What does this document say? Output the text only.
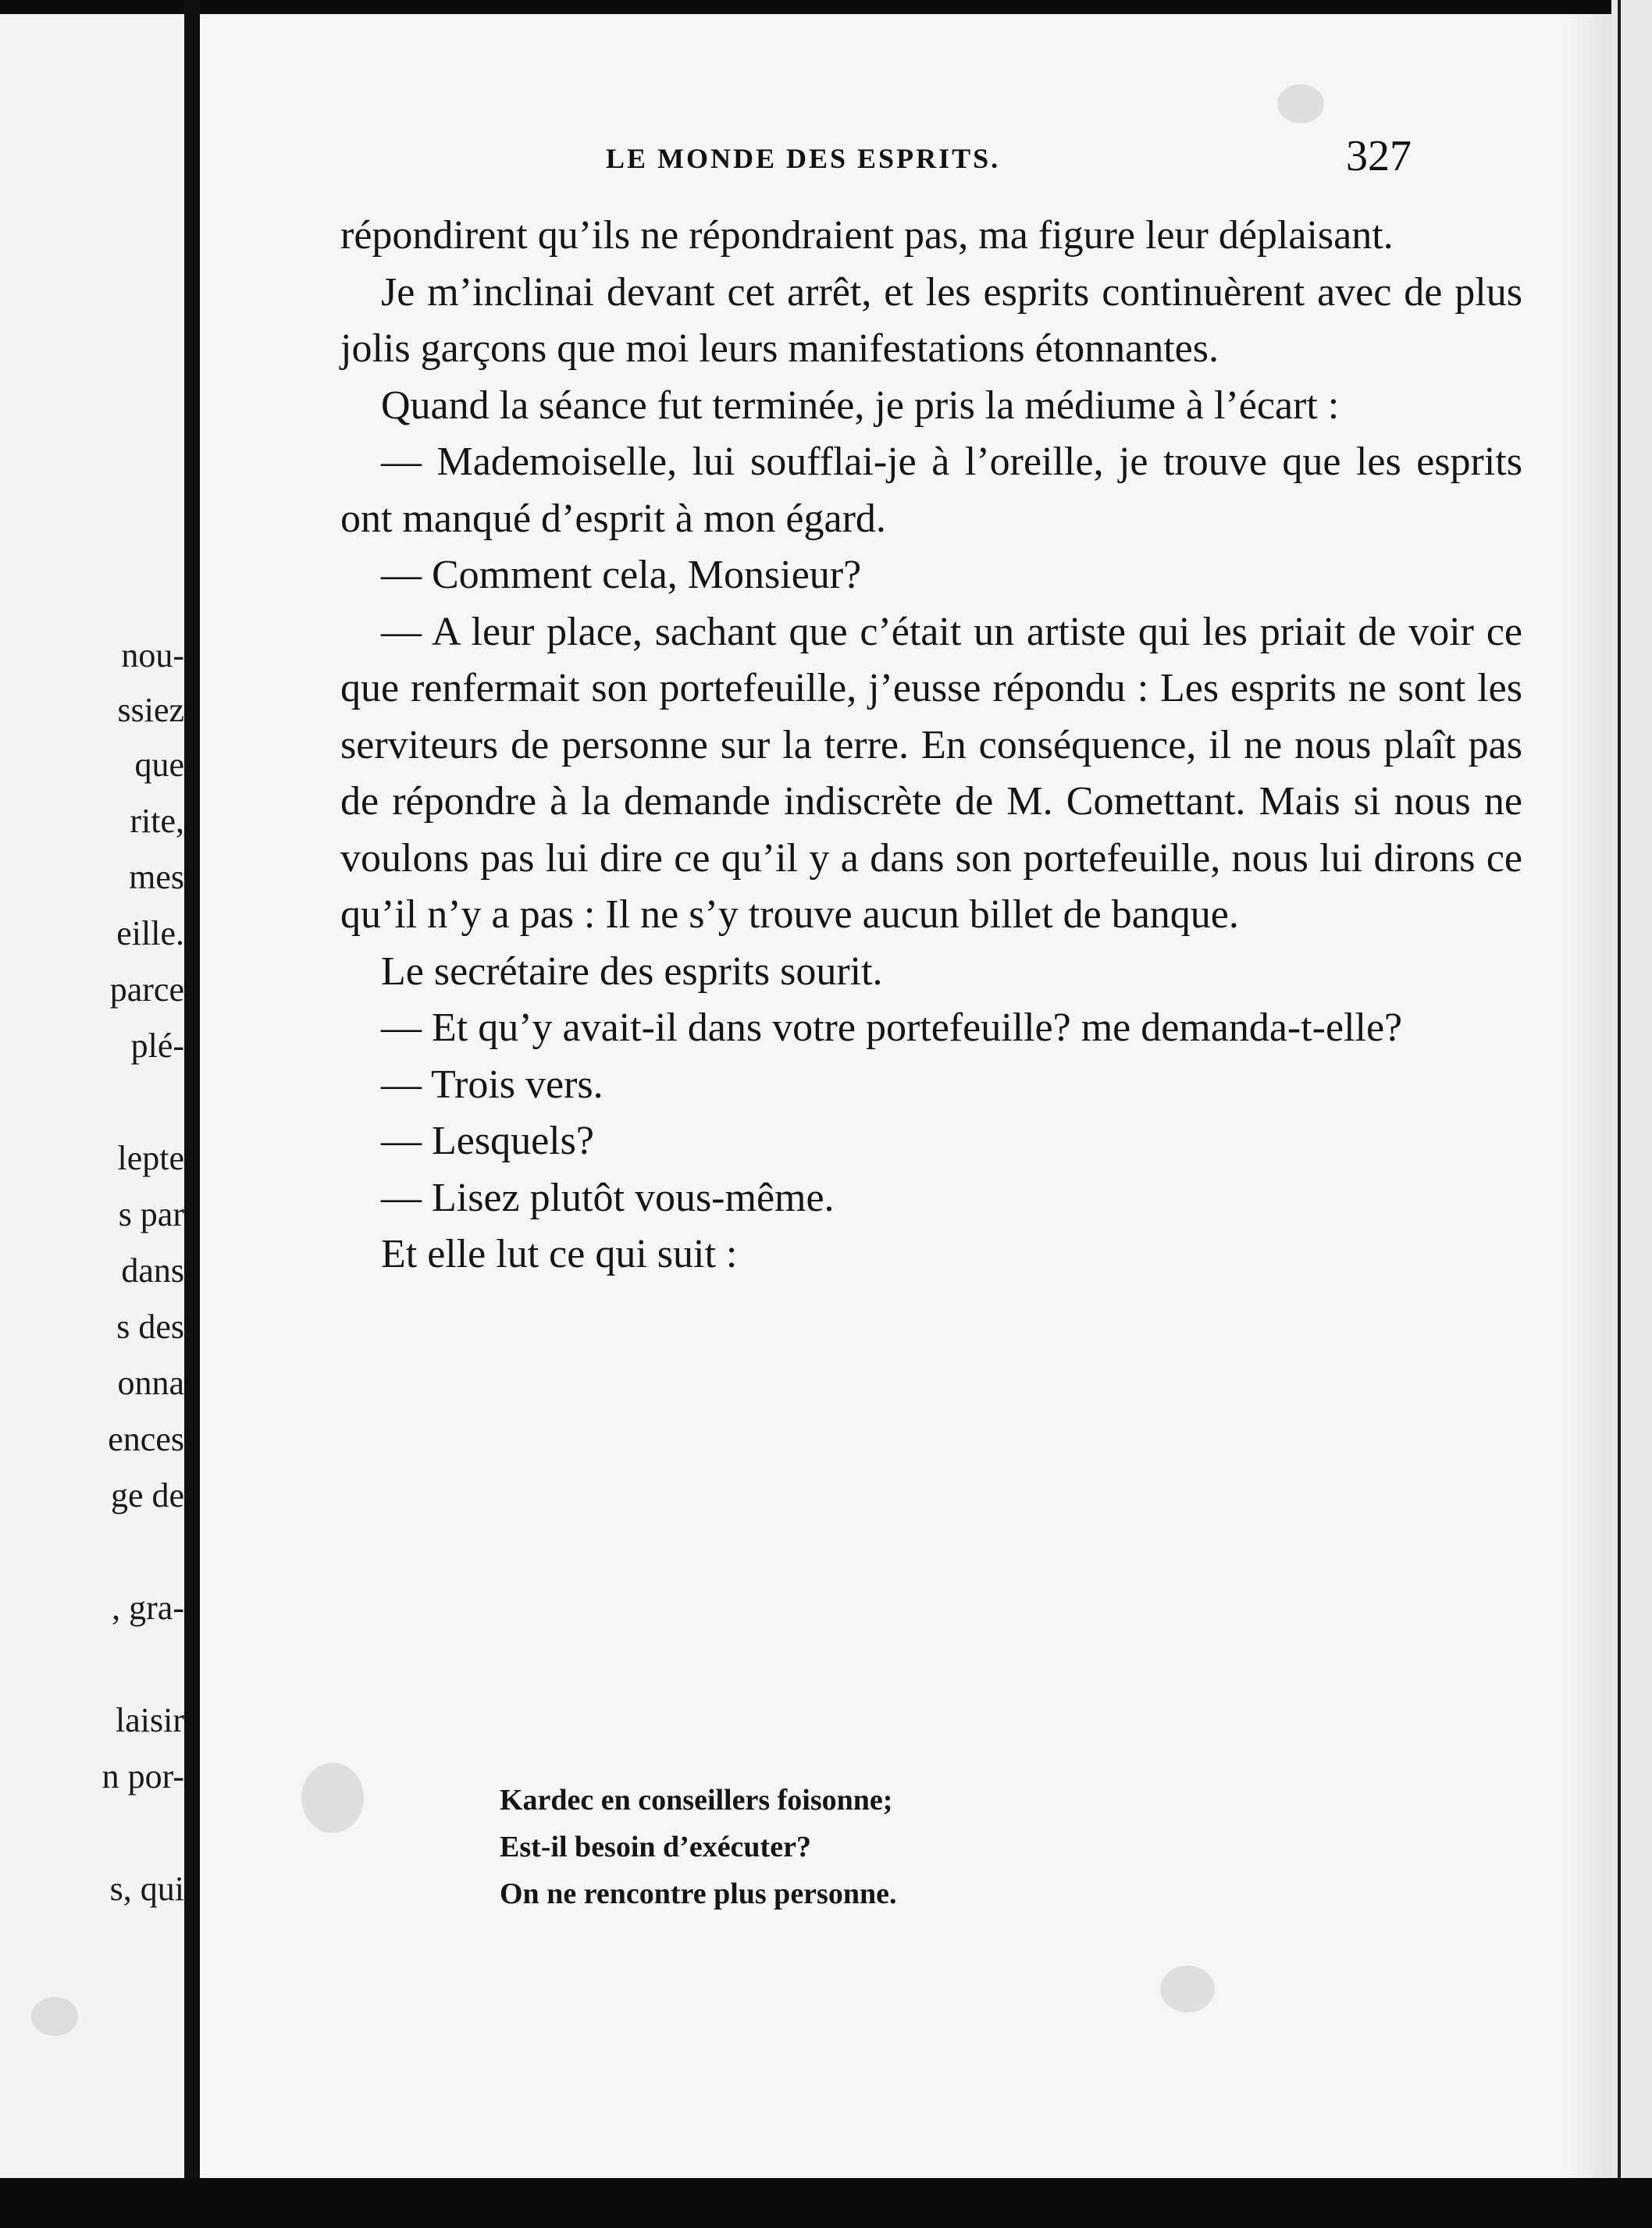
nou-
ssiez
que
rite,
mes
eille.
parce
plé-
lepte
s par
dans
s des
onna
ences
ge de
, gra-
laisir
n por-
s, qui
LE MONDE DES ESPRITS.	327

répondirent qu’ils ne répondraient pas, ma figure leur déplaisant.

Je m’inclinai devant cet arrêt, et les esprits continuèrent avec de plus jolis garçons que moi leurs manifestations étonnantes.

Quand la séance fut terminée, je pris la médiume à l’écart :

— Mademoiselle, lui soufflai-je à l’oreille, je trouve que les esprits ont manqué d’esprit à mon égard.

— Comment cela, Monsieur?

— A leur place, sachant que c’était un artiste qui les priait de voir ce que renfermait son portefeuille, j’eusse répondu : Les esprits ne sont les serviteurs de personne sur la terre. En conséquence, il ne nous plaît pas de répondre à la demande indiscrète de M. Comettant. Mais si nous ne voulons pas lui dire ce qu’il y a dans son portefeuille, nous lui dirons ce qu’il n’y a pas : Il ne s’y trouve aucun billet de banque.

Le secrétaire des esprits sourit.

— Et qu’y avait-il dans votre portefeuille? me demanda-t-elle?

— Trois vers.

— Lesquels?

— Lisez plutôt vous-même.

Et elle lut ce qui suit :

Kardec en conseillers foisonne;
Est-il besoin d’exécuter?
On ne rencontre plus personne.
